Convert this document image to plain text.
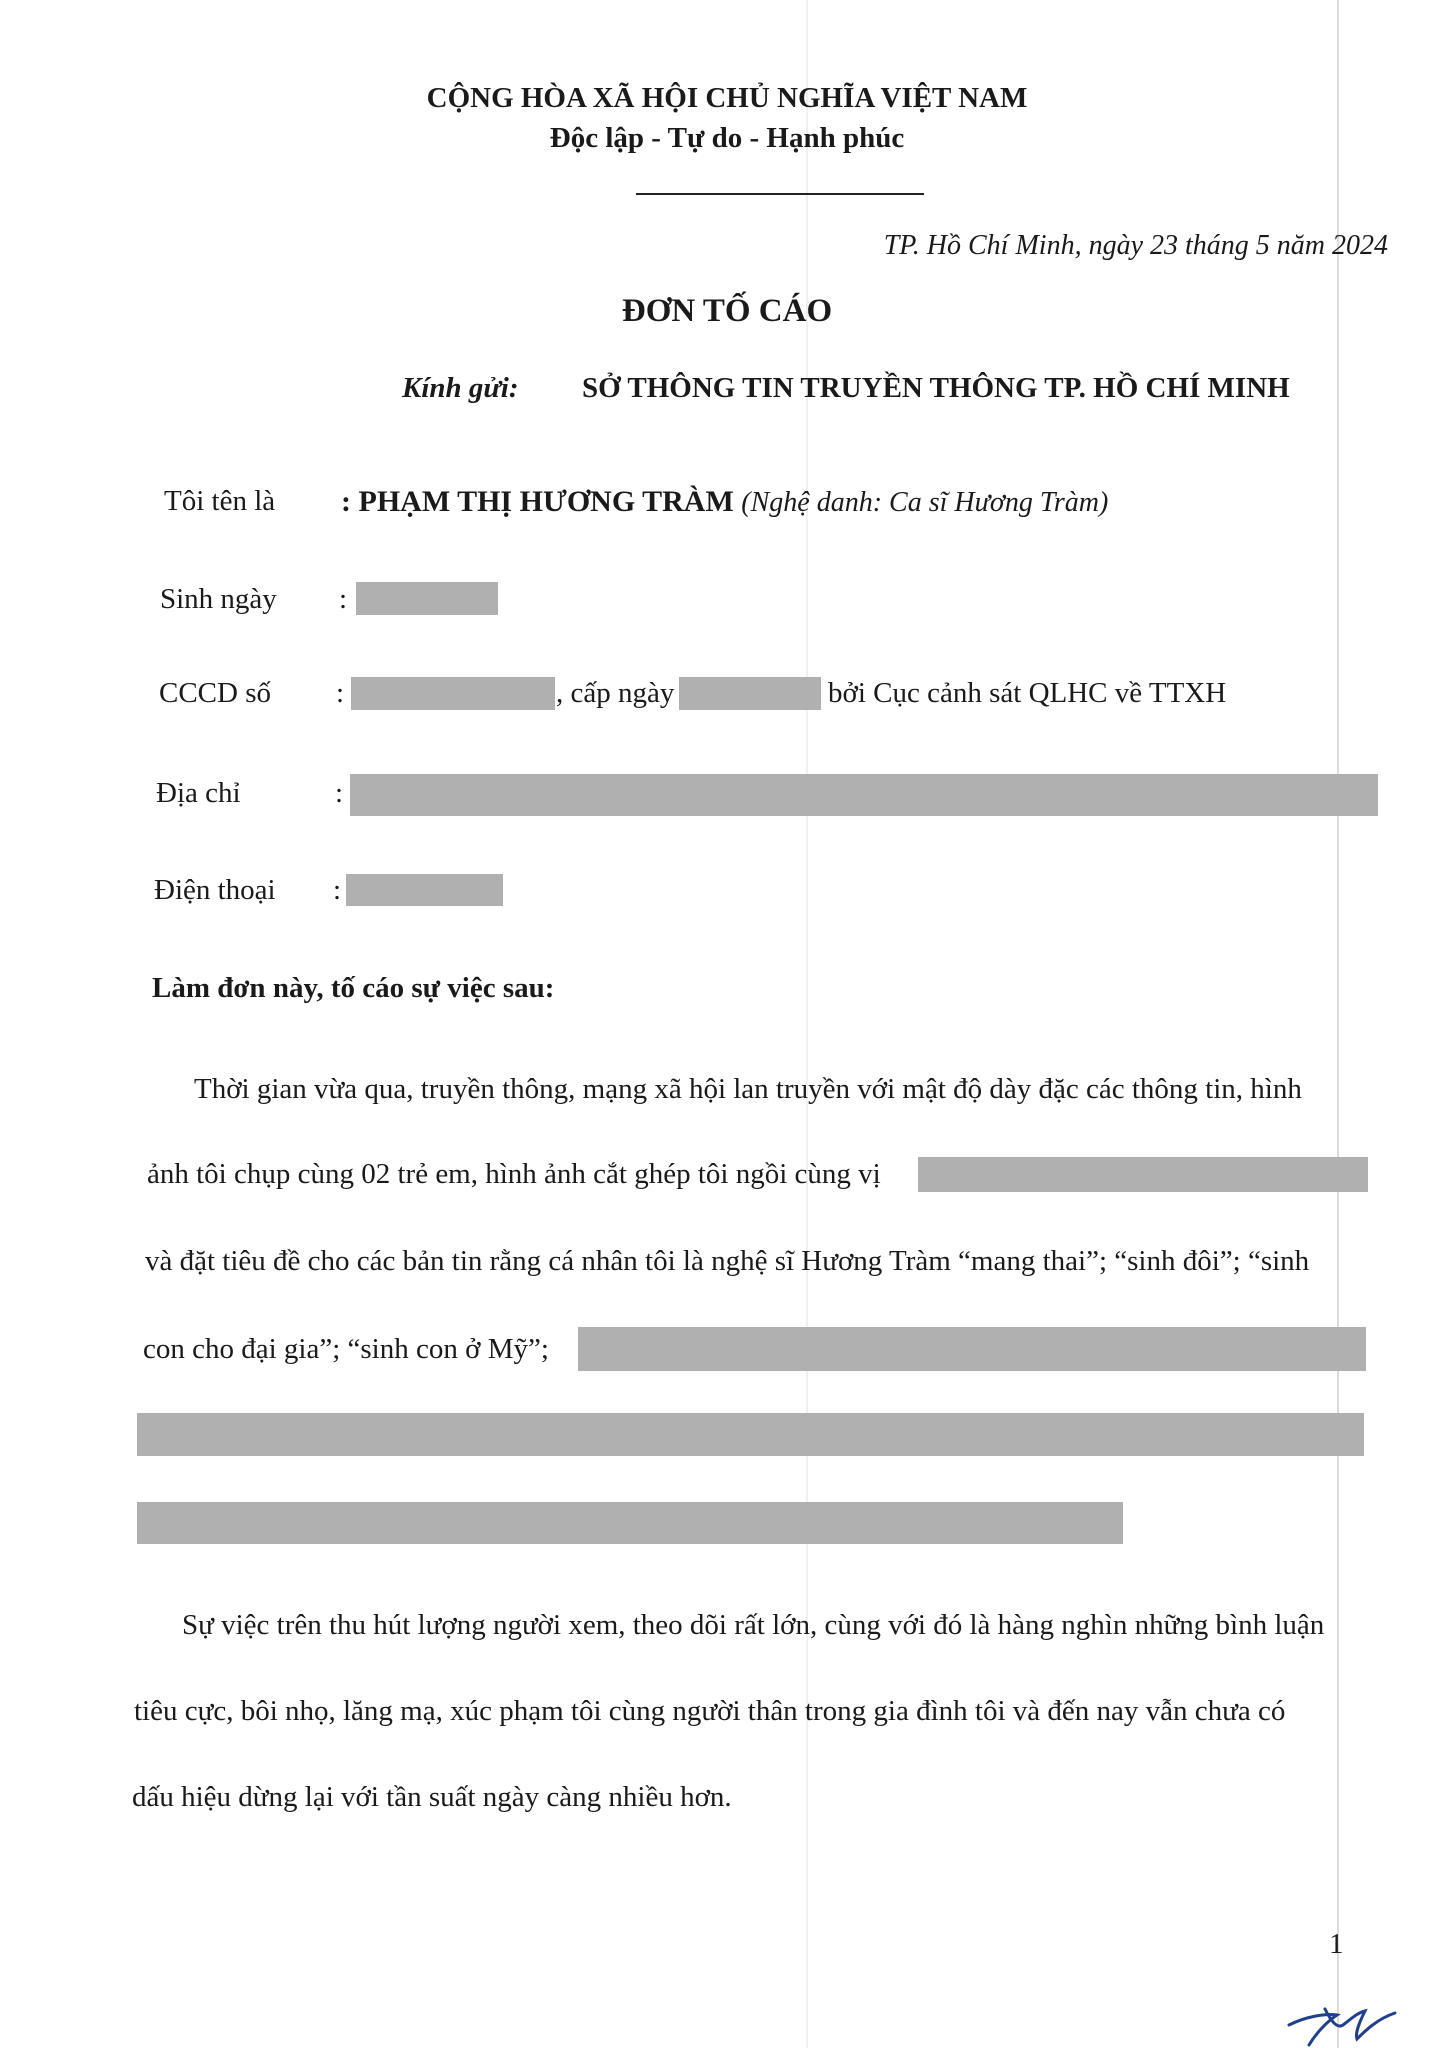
CỘNG HÒA XÃ HỘI CHỦ NGHĨA VIỆT NAM
Độc lập - Tự do - Hạnh phúc
TP. Hồ Chí Minh, ngày 23 tháng 5 năm 2024
ĐƠN TỐ CÁO
Kính gửi: SỞ THÔNG TIN TRUYỀN THÔNG TP. HỒ CHÍ MINH
Tôi tên là : PHẠM THỊ HƯƠNG TRÀM (Nghệ danh: Ca sĩ Hương Tràm)
Sinh ngày :
CCCD số :	, cấp ngày	bởi Cục cảnh sát QLHC về TTXH
Địa chỉ	:
Điện thoại :
Làm đơn này, tố cáo sự việc sau:
Thời gian vừa qua, truyền thông, mạng xã hội lan truyền với mật độ dày đặc các thông tin, hình
ảnh tôi chụp cùng 02 trẻ em, hình ảnh cắt ghép tôi ngồi cùng vị
và đặt tiêu đề cho các bản tin rằng cá nhân tôi là nghệ sĩ Hương Tràm “mang thai”; “sinh đôi”; “sinh
con cho đại gia”; “sinh con ở Mỹ”;
Sự việc trên thu hút lượng người xem, theo dõi rất lớn, cùng với đó là hàng nghìn những bình luận
tiêu cực, bôi nhọ, lăng mạ, xúc phạm tôi cùng người thân trong gia đình tôi và đến nay vẫn chưa có
dấu hiệu dừng lại với tần suất ngày càng nhiều hơn.
1
